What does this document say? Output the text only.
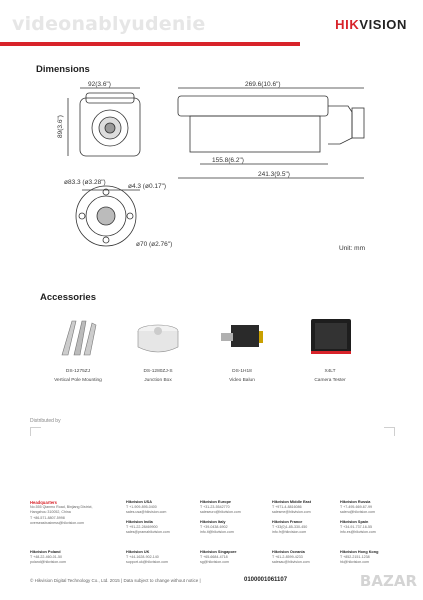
videonablyudenie	HIKVISION
Dimensions
92(3.6")
89(3.6")
269.6(10.6")
155.8(6.2")
241.3(9.5")
ø83.3 (ø3.28")
ø4.3 (ø0.17")
ø70 (ø2.76")
Unit: mm
Accessories
DS-1275ZJ
Vertical Pole Mounting
DS-1280ZJ-S
Junction Box
DS-1H18
Video Balun
X4LT
Camera Tester
Distributed by
Headquarters
No.555 Qianmo Road, Binjiang District,
Hangzhou 310052, China
T +86-571-8807-5998
overseasbusiness@hikvision.com
Hikvision USA
T +1-909-895-0400
sales.usa@hikvision.com
Hikvision Europe
T +31-23-5542770
saleseuro@hikvision.com
Hikvision Middle East
T +971-4-8816086
salesme@hikvision.com
Hikvision Russia
T +7-495-669-67-99
saleru@hikvision.com
Hikvision India
T +91-22-28469900
sales@pramahikvision.com
Hikvision Italy
T +39-0438-6902
info.it@hikvision.com
Hikvision France
T +33(0)1-85-330-450
info.fr@hikvision.com
Hikvision Spain
T +34-91-737-16-55
info.es@hikvision.com
Hikvision Poland
T +48-22-460-01-50
poland@hikvision.com
Hikvision UK
T +44-1628-902-140
support.uk@hikvision.com
Hikvision Singapore
T +65-6684-4718
sg@hikvision.com
Hikvision Oceania
T +61-2-8599-4233
salesau@hikvision.com
Hikvision Hong Kong
T +852-2151-1238
hk@hikvision.com
© Hikvision Digital Technology Co., Ltd. 2015 | Data subject to change without notice |	0100001061107	BAZAR
